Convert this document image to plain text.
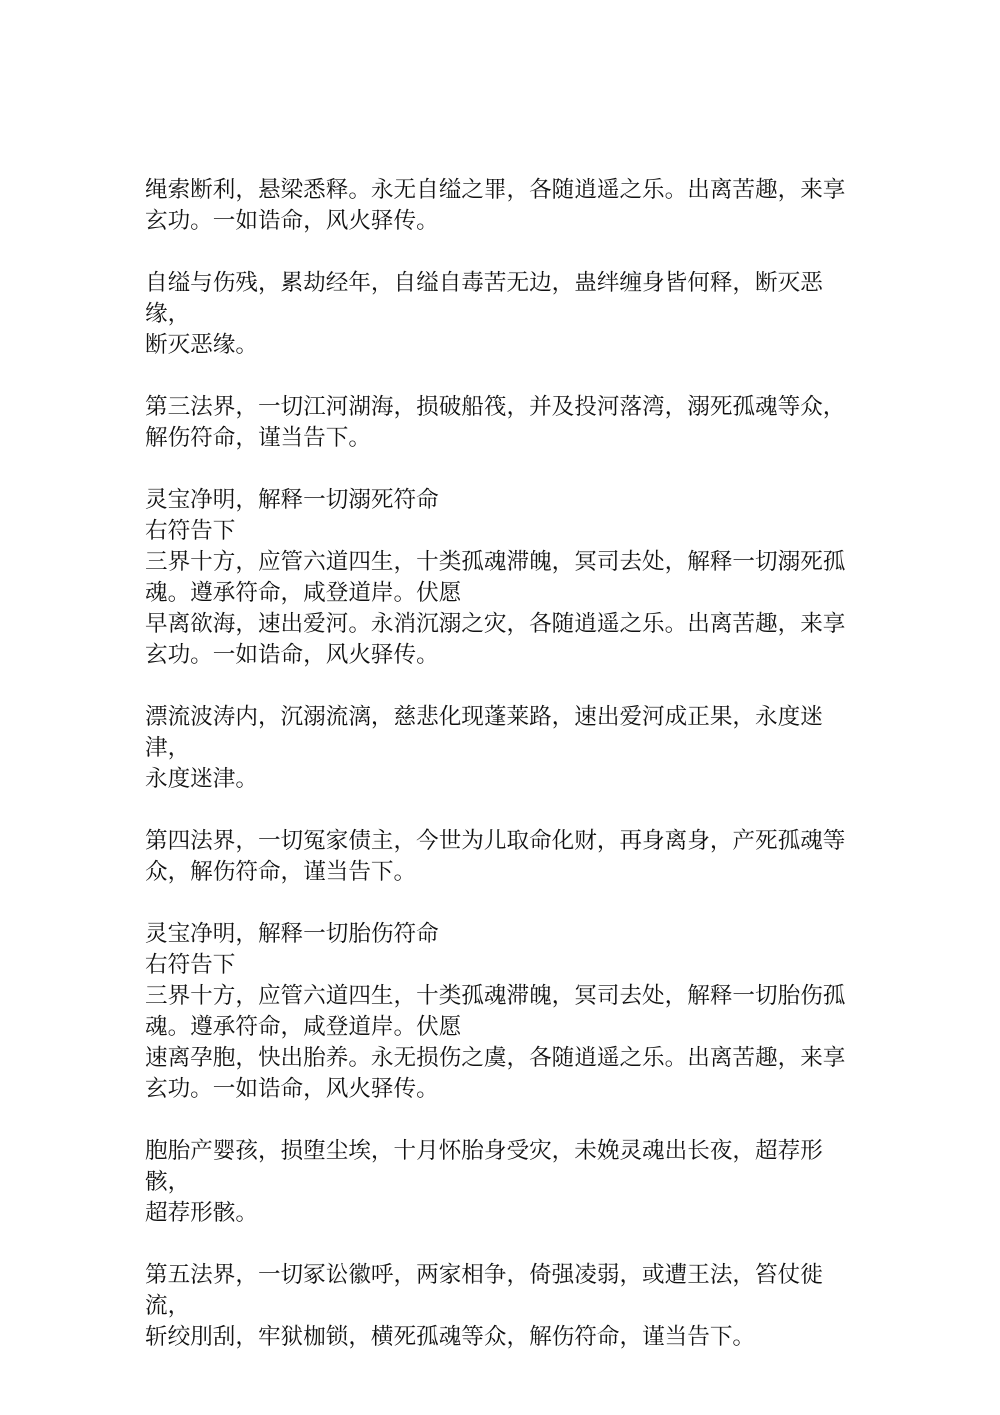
绳索断利，悬梁悉释。永无自缢之罪，各随逍遥之乐。出离苦趣，来享
玄功。一如诰命，风火驿传。

自缢与伤残，累劫经年，自缢自毒苦无边，蛊绊缠身皆何释，断灭恶缘，
断灭恶缘。

第三法界，一切江河湖海，损破船筏，并及投河落湾，溺死孤魂等众，
解伤符命，谨当告下。

灵宝净明，解释一切溺死符命
右符告下
三界十方，应管六道四生，十类孤魂滞魄，冥司去处，解释一切溺死孤
魂。遵承符命，咸登道岸。伏愿
早离欲海，速出爱河。永消沉溺之灾，各随逍遥之乐。出离苦趣，来享
玄功。一如诰命，风火驿传。

漂流波涛内，沉溺流漓，慈悲化现蓬莱路，速出爱河成正果，永度迷津，
永度迷津。

第四法界，一切冤家债主，今世为儿取命化财，再身离身，产死孤魂等
众，解伤符命，谨当告下。

灵宝净明，解释一切胎伤符命
右符告下
三界十方，应管六道四生，十类孤魂滞魄，冥司去处，解释一切胎伤孤
魂。遵承符命，咸登道岸。伏愿
速离孕胞，快出胎养。永无损伤之虞，各随逍遥之乐。出离苦趣，来享
玄功。一如诰命，风火驿传。

胞胎产婴孩，损堕尘埃，十月怀胎身受灾，未娩灵魂出长夜，超荐形骸，
超荐形骸。

第五法界，一切冢讼徽呼，两家相争，倚强凌弱，或遭王法，笞仗徙流，
斩绞刖刮，牢狱枷锁，横死孤魂等众，解伤符命，谨当告下。
